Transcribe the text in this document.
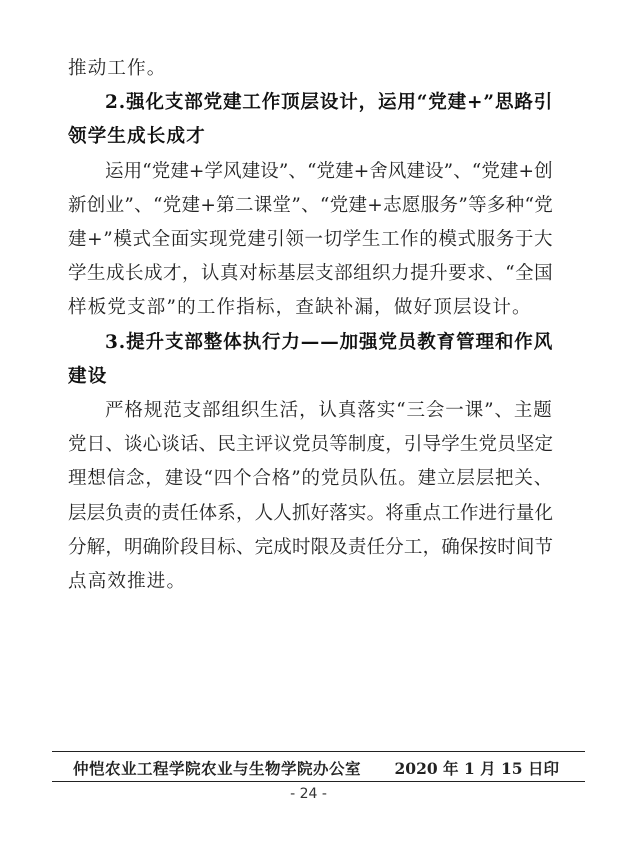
推动工作。
2.强化支部党建工作顶层设计，运用“党建+”思路引
领学生成长成才
运用“党建+学风建设”、“党建+舍风建设”、“党建+创
新创业”、“党建+第二课堂”、“党建+志愿服务”等多种“党
建+”模式全面实现党建引领一切学生工作的模式服务于大
学生成长成才，认真对标基层支部组织力提升要求、“全国
样板党支部”的工作指标，查缺补漏，做好顶层设计。
3.提升支部整体执行力——加强党员教育管理和作风
建设
严格规范支部组织生活，认真落实“三会一课”、主题
党日、谈心谈话、民主评议党员等制度，引导学生党员坚定
理想信念，建设“四个合格”的党员队伍。建立层层把关、
层层负责的责任体系，人人抓好落实。将重点工作进行量化
分解，明确阶段目标、完成时限及责任分工，确保按时间节
点高效推进。
仲恺农业工程学院农业与生物学院办公室 2020 年 1 月 15 日印
- 24 -
